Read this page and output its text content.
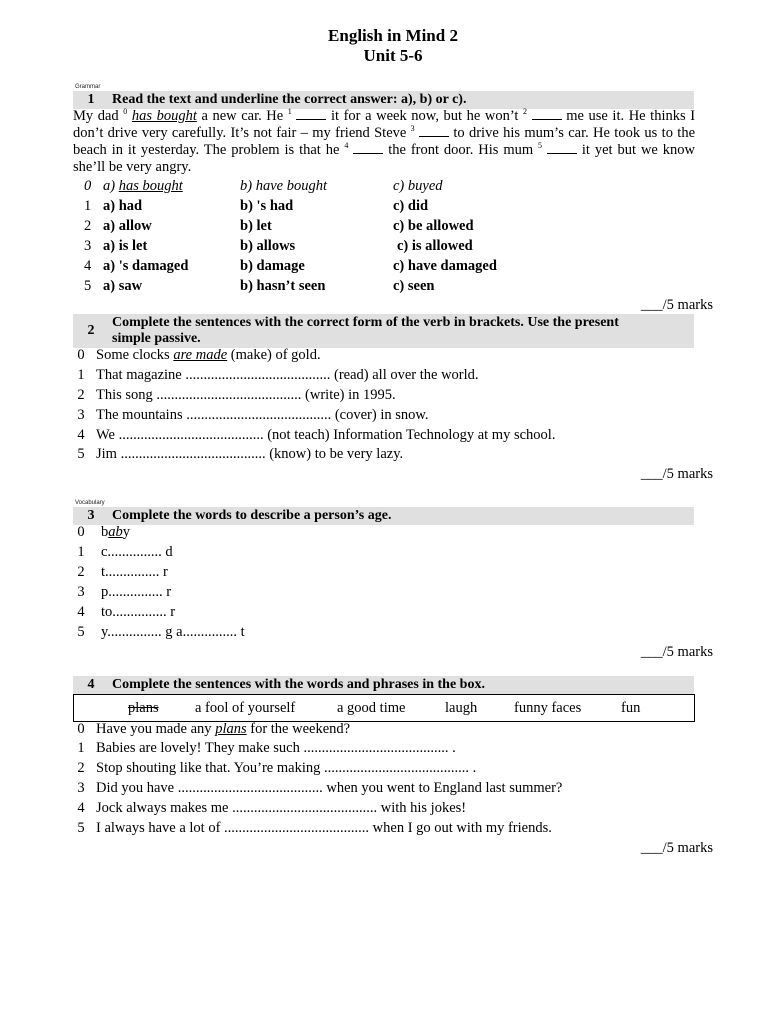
English in Mind 2
Unit 5-6
Grammar
1	Read the text and underline the correct answer: a), b) or c).
My dad $^0$ has bought a new car. He $^1$  it for a week now, but he won’t $^2$  me use it. He thinks I don’t drive very carefully. It’s not fair – my friend Steve $^3$  to drive his mum’s car. He took us to the beach in it yesterday. The problem is that he $^4$  the front door. His mum $^5$  it yet but we know she’ll be very angry.
0 a) has bought	b) have bought	c) buyed
1 a) had	b) 's had	c) did
2 a) allow	b) let	c) be allowed
3 a) is let	b) allows	c) is allowed
4 a) 's damaged	b) damage	c) have damaged
5 a) saw	b) hasn’t seen	c) seen
___/5 marks
2
Complete the sentences with the correct form of the verb in brackets. Use the present
simple passive.
0 Some clocks are made (make) of gold.
1 That magazine ........................................ (read) all over the world.
2 This song ........................................ (write) in 1995.
3 The mountains ........................................ (cover) in snow.
4 We ........................................ (not teach) Information Technology at my school.
5 Jim ........................................ (know) to be very lazy.
___/5 marks
Vocabulary
3	Complete the words to describe a person’s age.
0 baby
1 c............... d
2 t............... r
3 p............... r
4 to............... r
5 y............... g a............... t
___/5 marks
4	Complete the sentences with the words and phrases in the box.
plans	a fool of yourself	a good time	laugh	funny faces	fun
0 Have you made any plans for the weekend?
1 Babies are lovely! They make such ........................................ .
2 Stop shouting like that. You’re making ........................................ .
3 Did you have ........................................ when you went to England last summer?
4 Jock always makes me ........................................ with his jokes!
5 I always have a lot of ........................................ when I go out with my friends.
___/5 marks
